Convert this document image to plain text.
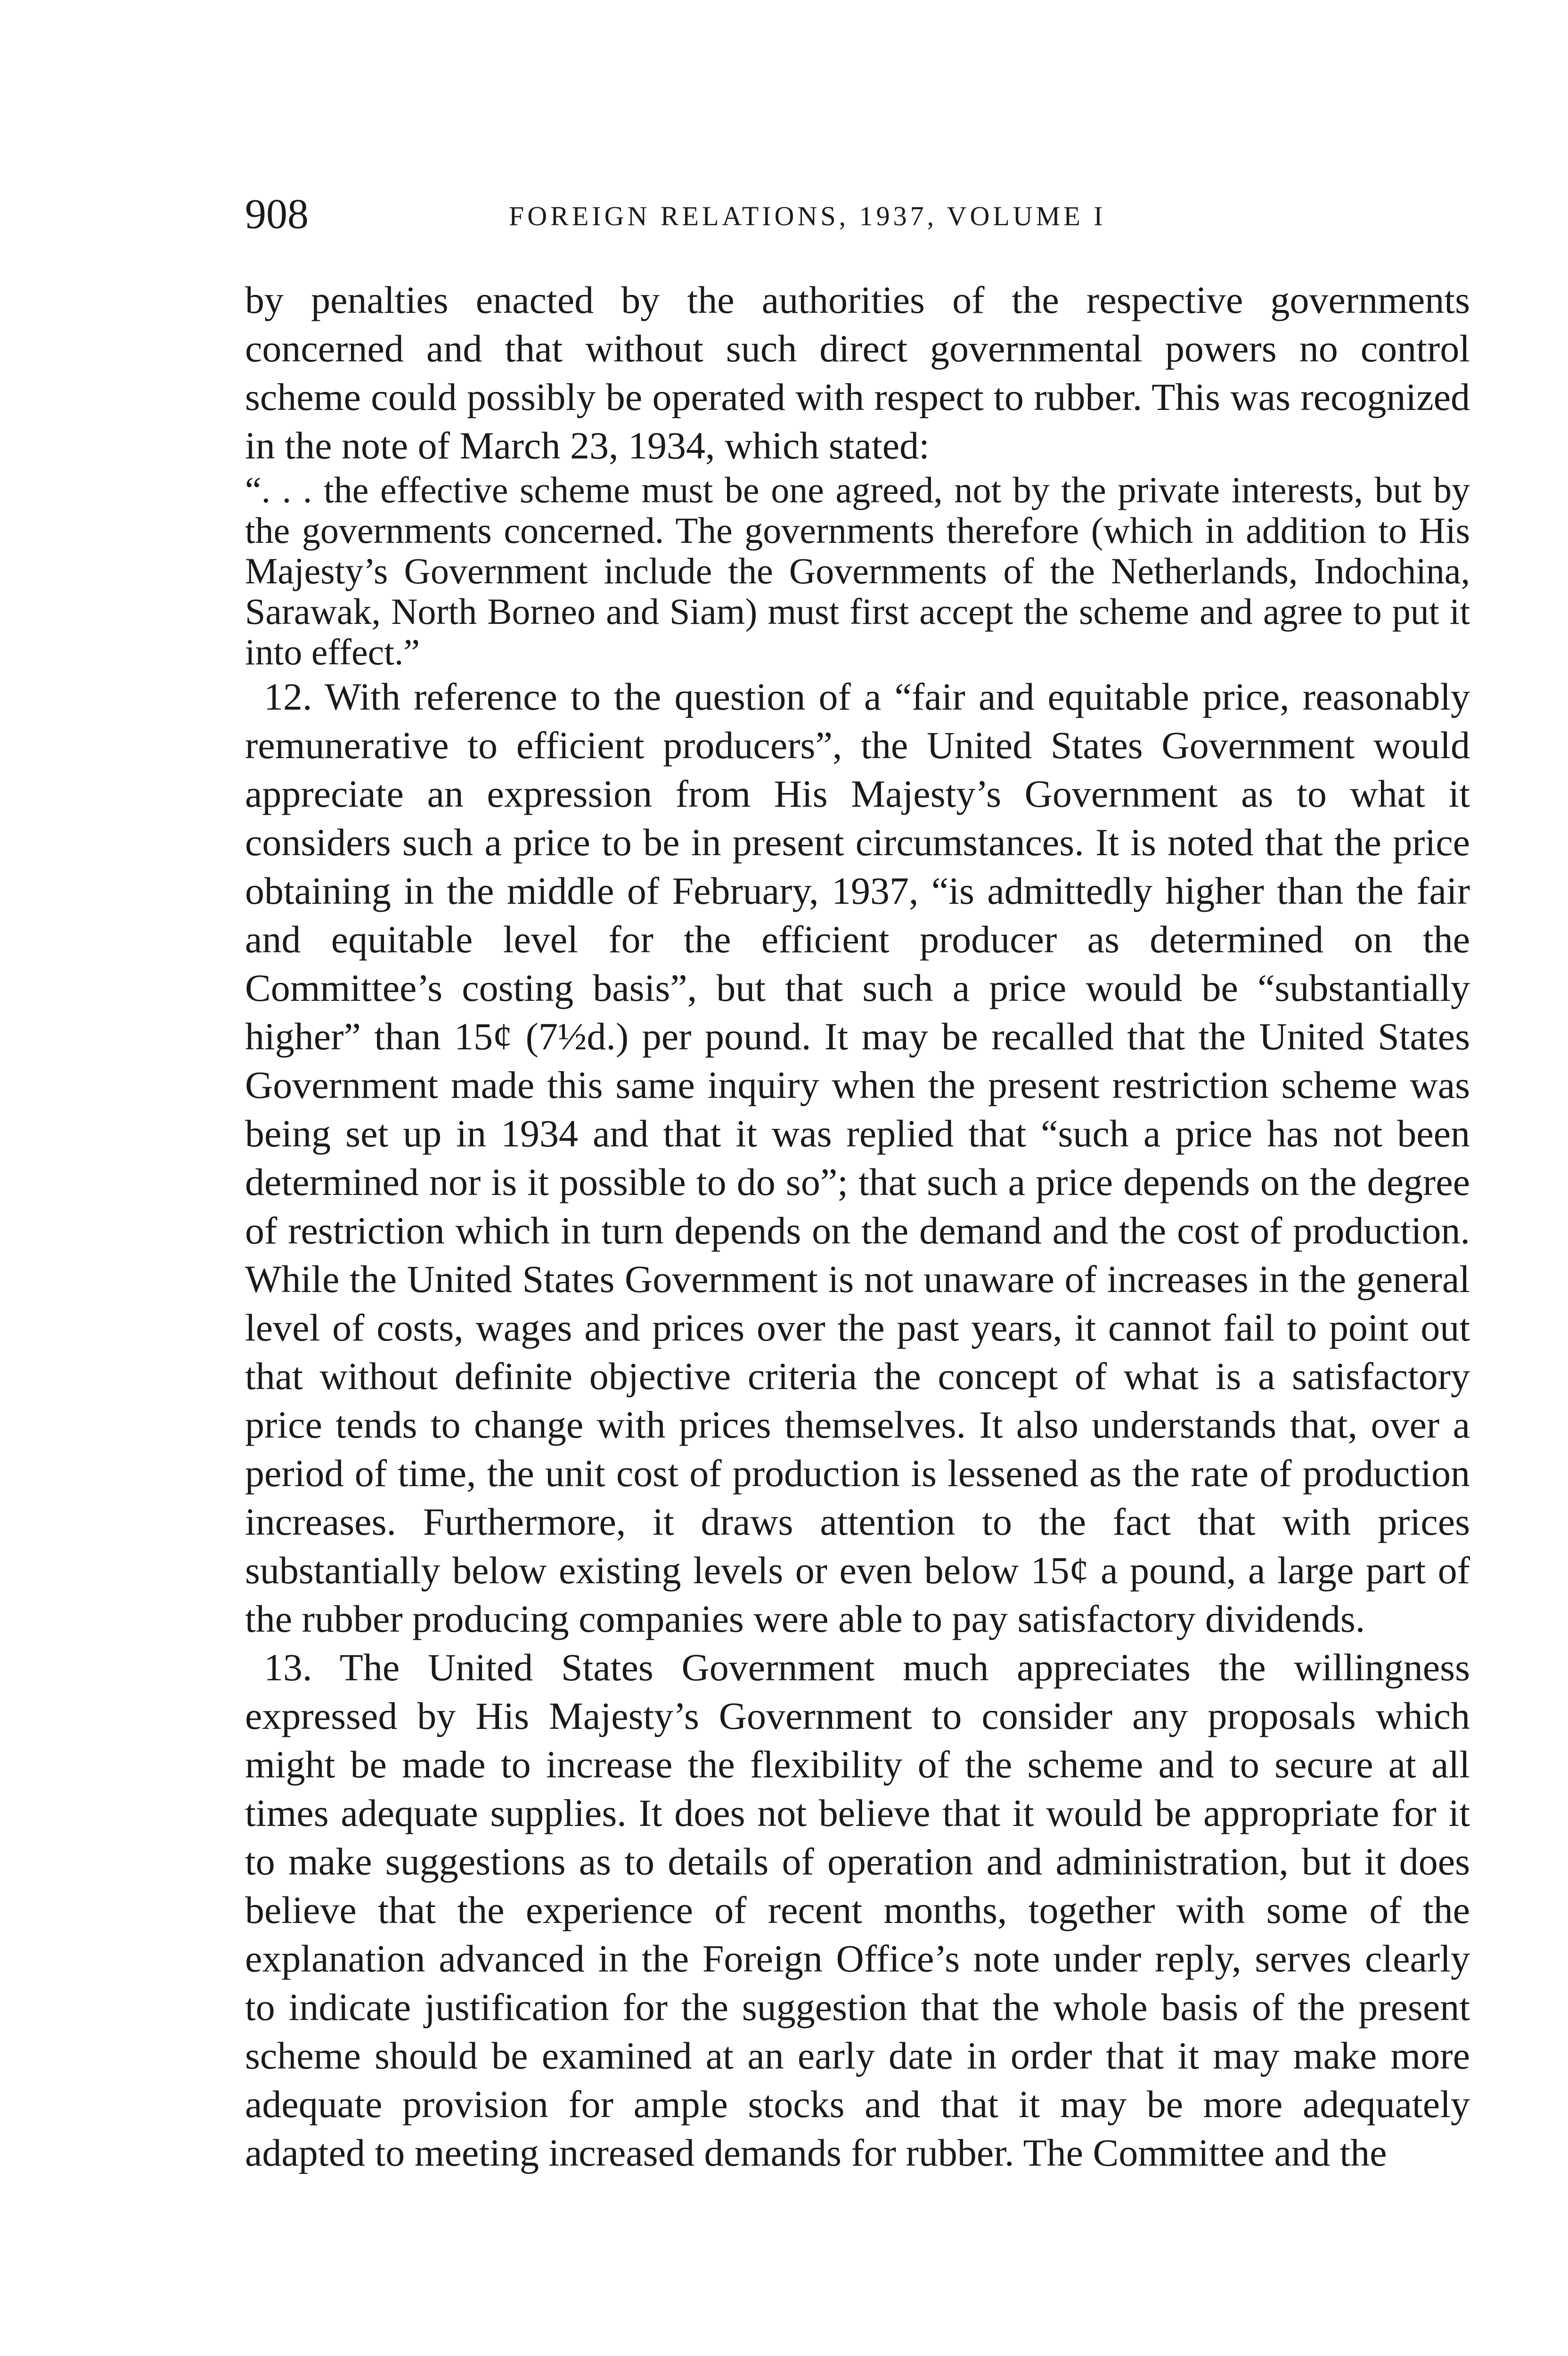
908	FOREIGN RELATIONS, 1937, VOLUME I

by penalties enacted by the authorities of the respective governments concerned and that without such direct governmental powers no control scheme could possibly be operated with respect to rubber. This was recognized in the note of March 23, 1934, which stated:

“. . . the effective scheme must be one agreed, not by the private interests, but by the governments concerned. The governments therefore (which in addition to His Majesty’s Government include the Governments of the Netherlands, Indochina, Sarawak, North Borneo and Siam) must first accept the scheme and agree to put it into effect.”

12. With reference to the question of a “fair and equitable price, reasonably remunerative to efficient producers”, the United States Government would appreciate an expression from His Majesty’s Government as to what it considers such a price to be in present circumstances. It is noted that the price obtaining in the middle of February, 1937, “is admittedly higher than the fair and equitable level for the efficient producer as determined on the Committee’s costing basis”, but that such a price would be “substantially higher” than 15¢ (7½d.) per pound. It may be recalled that the United States Government made this same inquiry when the present restriction scheme was being set up in 1934 and that it was replied that “such a price has not been determined nor is it possible to do so”; that such a price depends on the degree of restriction which in turn depends on the demand and the cost of production. While the United States Government is not unaware of increases in the general level of costs, wages and prices over the past years, it cannot fail to point out that without definite objective criteria the concept of what is a satisfactory price tends to change with prices themselves. It also understands that, over a period of time, the unit cost of production is lessened as the rate of production increases. Furthermore, it draws attention to the fact that with prices substantially below existing levels or even below 15¢ a pound, a large part of the rubber producing companies were able to pay satisfactory dividends.

13. The United States Government much appreciates the willingness expressed by His Majesty’s Government to consider any proposals which might be made to increase the flexibility of the scheme and to secure at all times adequate supplies. It does not believe that it would be appropriate for it to make suggestions as to details of operation and administration, but it does believe that the experience of recent months, together with some of the explanation advanced in the Foreign Office’s note under reply, serves clearly to indicate justification for the suggestion that the whole basis of the present scheme should be examined at an early date in order that it may make more adequate provision for ample stocks and that it may be more adequately adapted to meeting increased demands for rubber. The Committee and the
